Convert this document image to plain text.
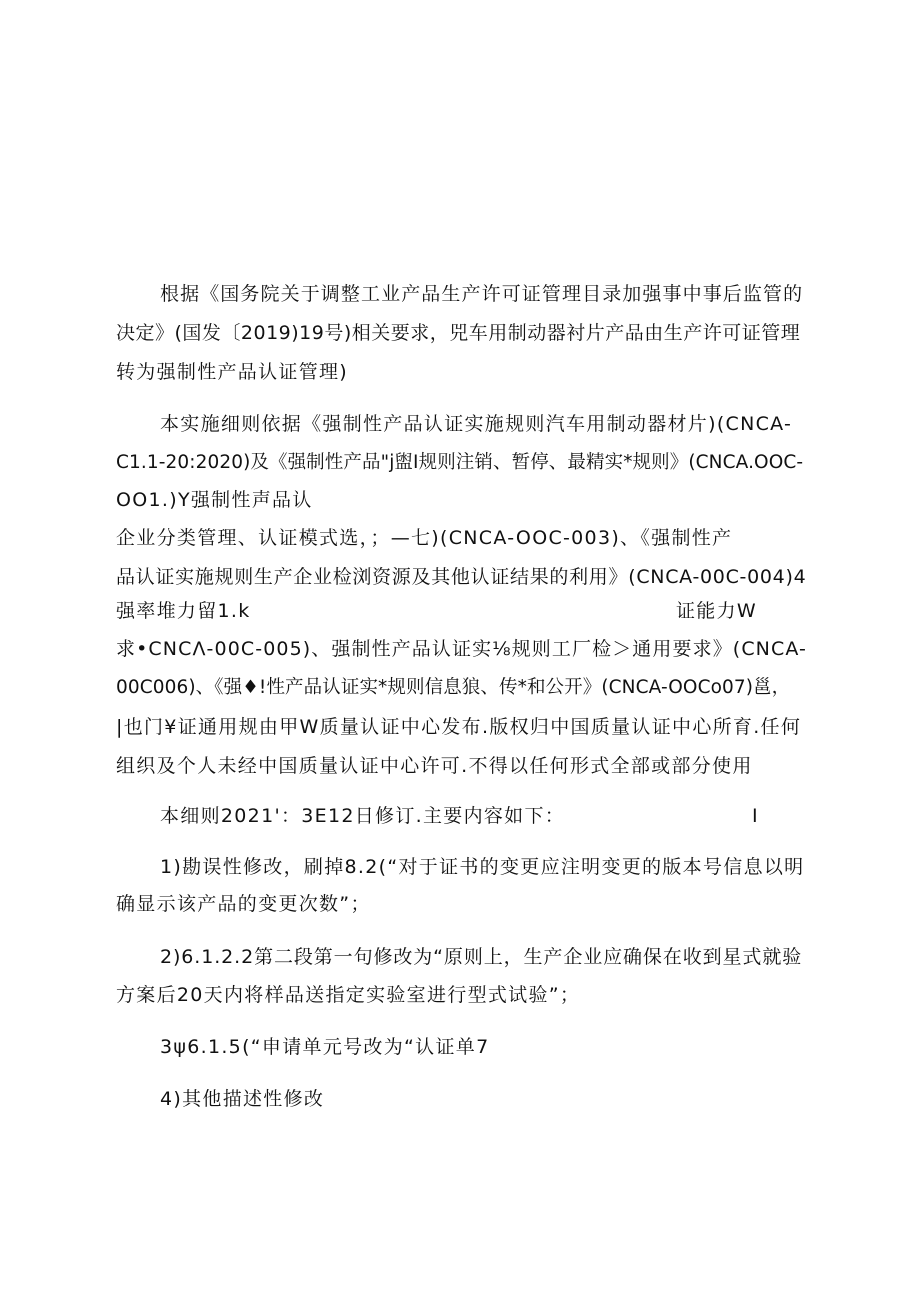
根据《国务院关于调整工业产品生产许可证管理目录加强事中事后监管的
决定》(国发〔2019)19号)相关要求，兕车用制动器衬片产品由生产许可证管理
转为强制性产品认证管理)
本实施细则依据《强制性产品认证实施规则汽车用制动器材片)(CNCA-
C1.1-20:2020)及《强制性产品"j盥I规则注销、暂停、最精实*规则》(CNCA.OOC-
OO1.)Y强制性声品认
企业分类管理、认证模式选，；—七)(CNCA-OOC-003)、《强制性产
品认证实施规则生产企业检浏资源及其他认证结果的利用》(CNCA-00C-004)4
强率堆力留1.k	证能力W
求•CNCΛ-00C-005)、强制性产品认证实⅛规则工厂检＞通用要求》(CNCA-
00C006)、《强♦!性产品认证实*规则信息狼、传*和公开》(CNCA-OOCo07)邕，
|也门¥证通用规由甲W质量认证中心发布.版权归中国质量认证中心所育.任何
组织及个人未经中国质量认证中心许可.不得以任何形式全部或部分使用
本细则2021'：3E12日修订.主要内容如下：	I
1)勘误性修改，刷掉8.2(“对于证书的变更应注明变更的版本号信息以明
确显示该产品的变更次数”；
2)6.1.2.2第二段第一句修改为“原则上，生产企业应确保在收到星式就验
方案后20天内将样品送指定实验室进行型式试验”；
3ψ6.1.5(“申请单元号改为“认证单7
4)其他描述性修改
